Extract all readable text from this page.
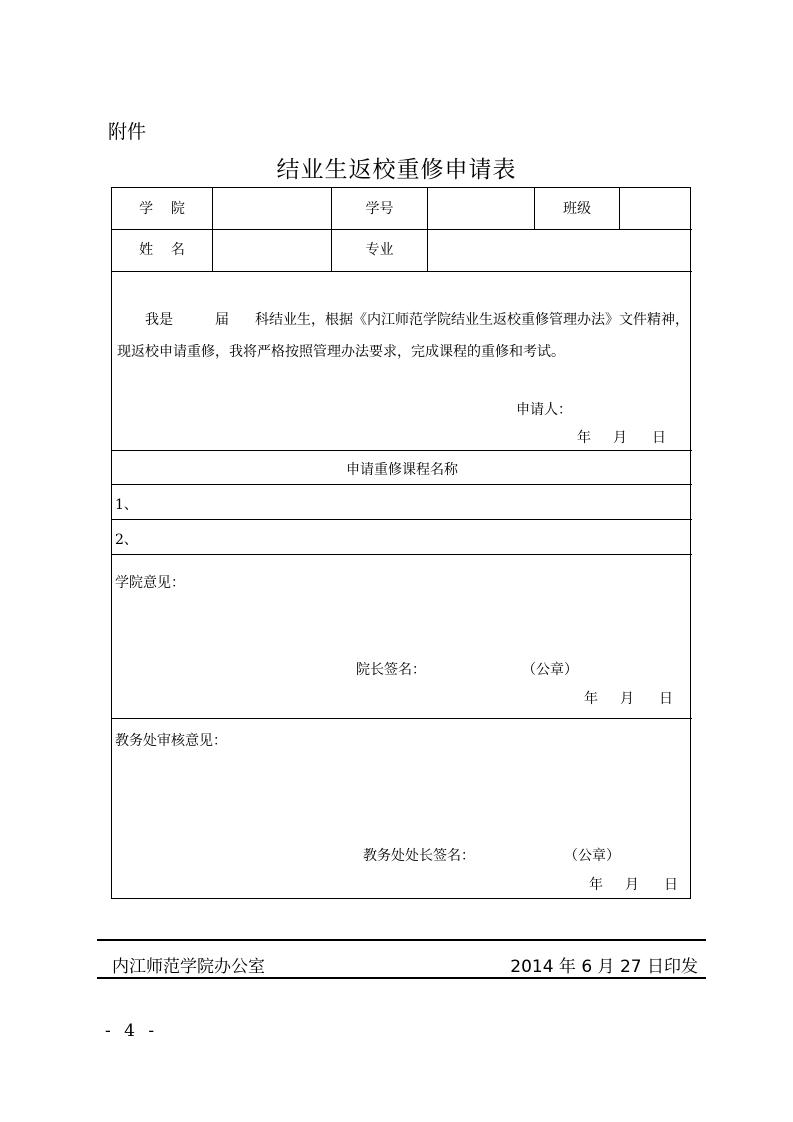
附件
结业生返校重修申请表
学    院	学号	班级
姓    名	专业
我是	届 科结业生，根据《内江师范学院结业生返校重修管理办法》文件精神，
现返校申请重修，我将严格按照管理办法要求，完成课程的重修和考试。
申请人：
年 月 日
申请重修课程名称
1、
2、
学院意见：
院长签名：	（公章）
年 月 日
教务处审核意见：
教务处处长签名：	（公章）
年 月 日
内江师范学院办公室	2014 年 6 月 27 日印发
- 4 -
